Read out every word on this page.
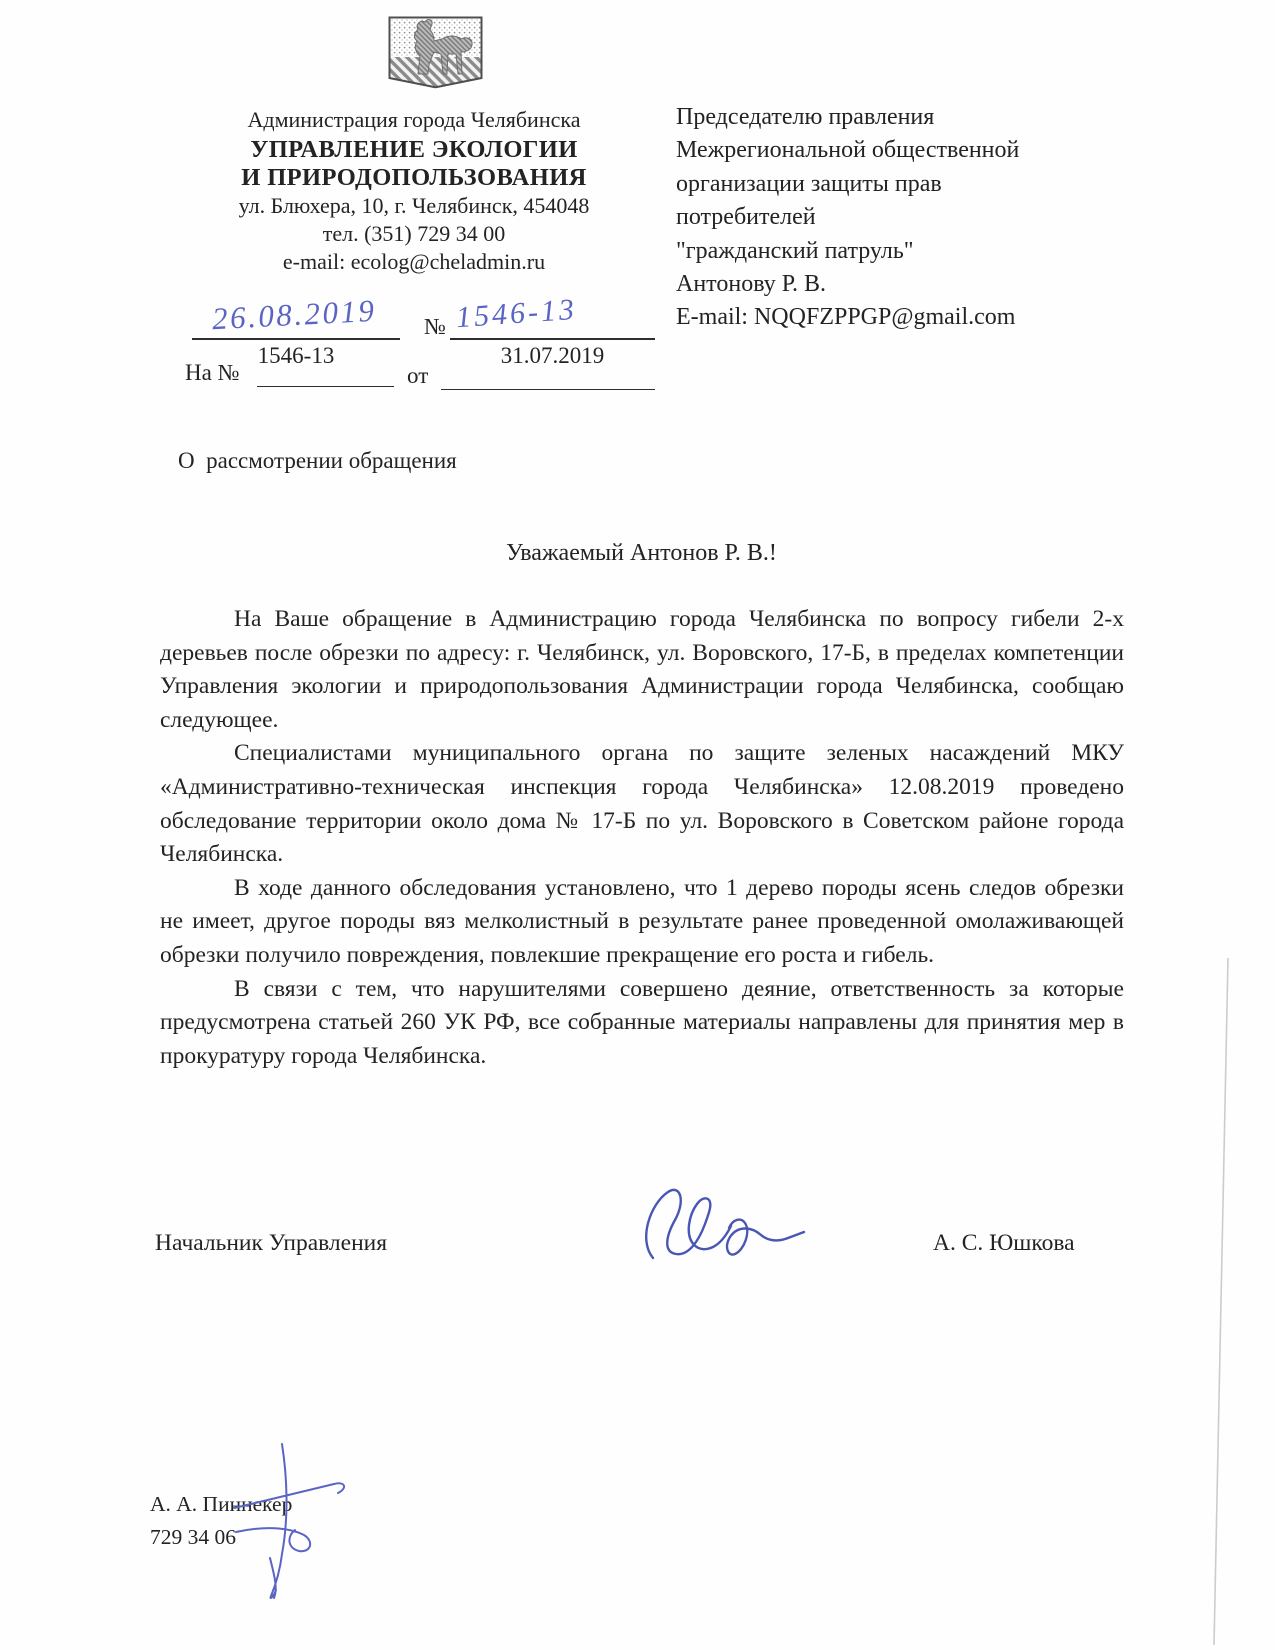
Администрация города Челябинска
УПРАВЛЕНИЕ ЭКОЛОГИИ
И ПРИРОДОПОЛЬЗОВАНИЯ
ул. Блюхера, 10, г. Челябинск, 454048
тел. (351) 729 34 00
e-mail: ecolog@cheladmin.ru
Председателю правления
Межрегиональной общественной
организации защиты прав
потребителей
"гражданский патруль"
Антонову Р. В.
E-mail: NQQFZPPGP@gmail.com
26.08.2019
1546-13
№ 1546-13
31.07.2019
На №	от
О  рассмотрении обращения
Уважаемый Антонов Р. В.!

На Ваше обращение в Администрацию города Челябинска по вопросу гибели 2-х деревьев после обрезки по адресу: г. Челябинск, ул. Воровского, 17-Б, в пределах компетенции Управления экологии и природопользования Администрации города Челябинска, сообщаю следующее.

Специалистами муниципального органа по защите зеленых насаждений МКУ «Административно-техническая инспекция города Челябинска» 12.08.2019 проведено обследование территории около дома № 17-Б по ул. Воровского в Советском районе города Челябинска.

В ходе данного обследования установлено, что 1 дерево породы ясень следов обрезки не имеет, другое породы вяз мелколистный в результате ранее проведенной омолаживающей обрезки получило повреждения, повлекшие прекращение его роста и гибель.

В связи с тем, что нарушителями совершено деяние, ответственность за которые предусмотрена статьей 260 УК РФ, все собранные материалы направлены для принятия мер в прокуратуру города Челябинска.

Начальник Управления	А. С. Юшкова
А. А. Пиннекер
729 34 06
